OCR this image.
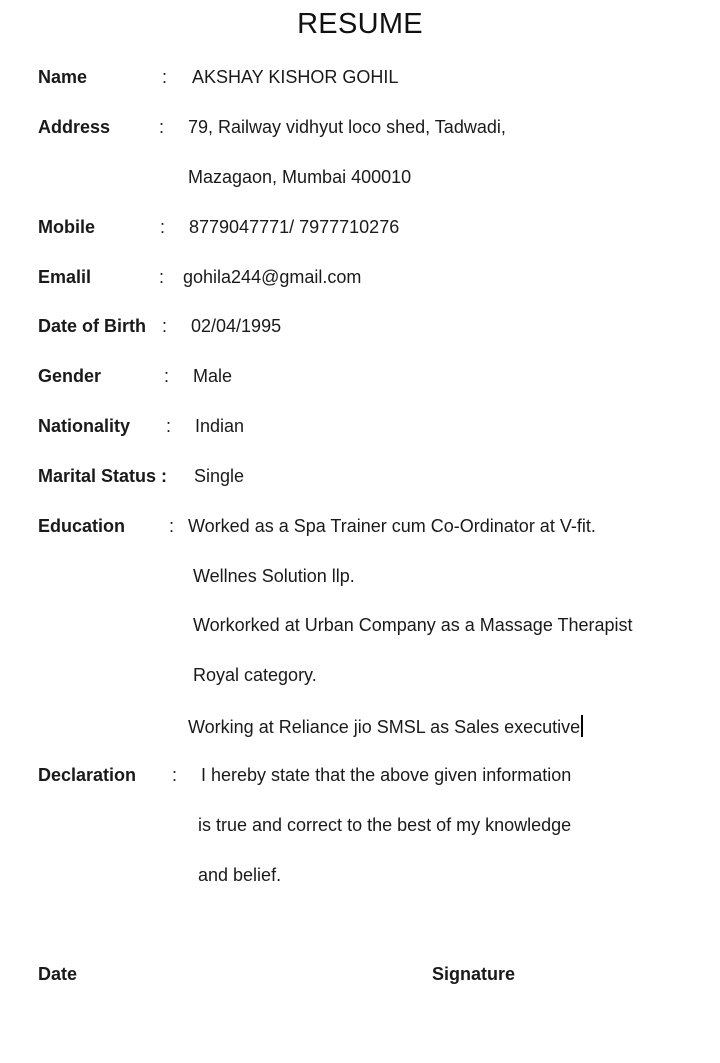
RESUME
Name	: AKSHAY KISHOR GOHIL
Address	: 79, Railway vidhyut loco shed, Tadwadi,
Mazagaon, Mumbai 400010
Mobile	: 8779047771/ 7977710276
Emalil	: gohila244@gmail.com
Date of Birth : 02/04/1995
Gender	: Male
Nationality : Indian
Marital Status : Single
Education : Worked as a Spa Trainer cum Co-Ordinator at V-fit.
Wellnes Solution llp.
Workorked at Urban Company as a Massage Therapist
Royal category.
Working at Reliance jio SMSL as Sales executive
Declaration : I hereby state that the above given information
is true and correct to the best of my knowledge
and belief.
Date	Signature
